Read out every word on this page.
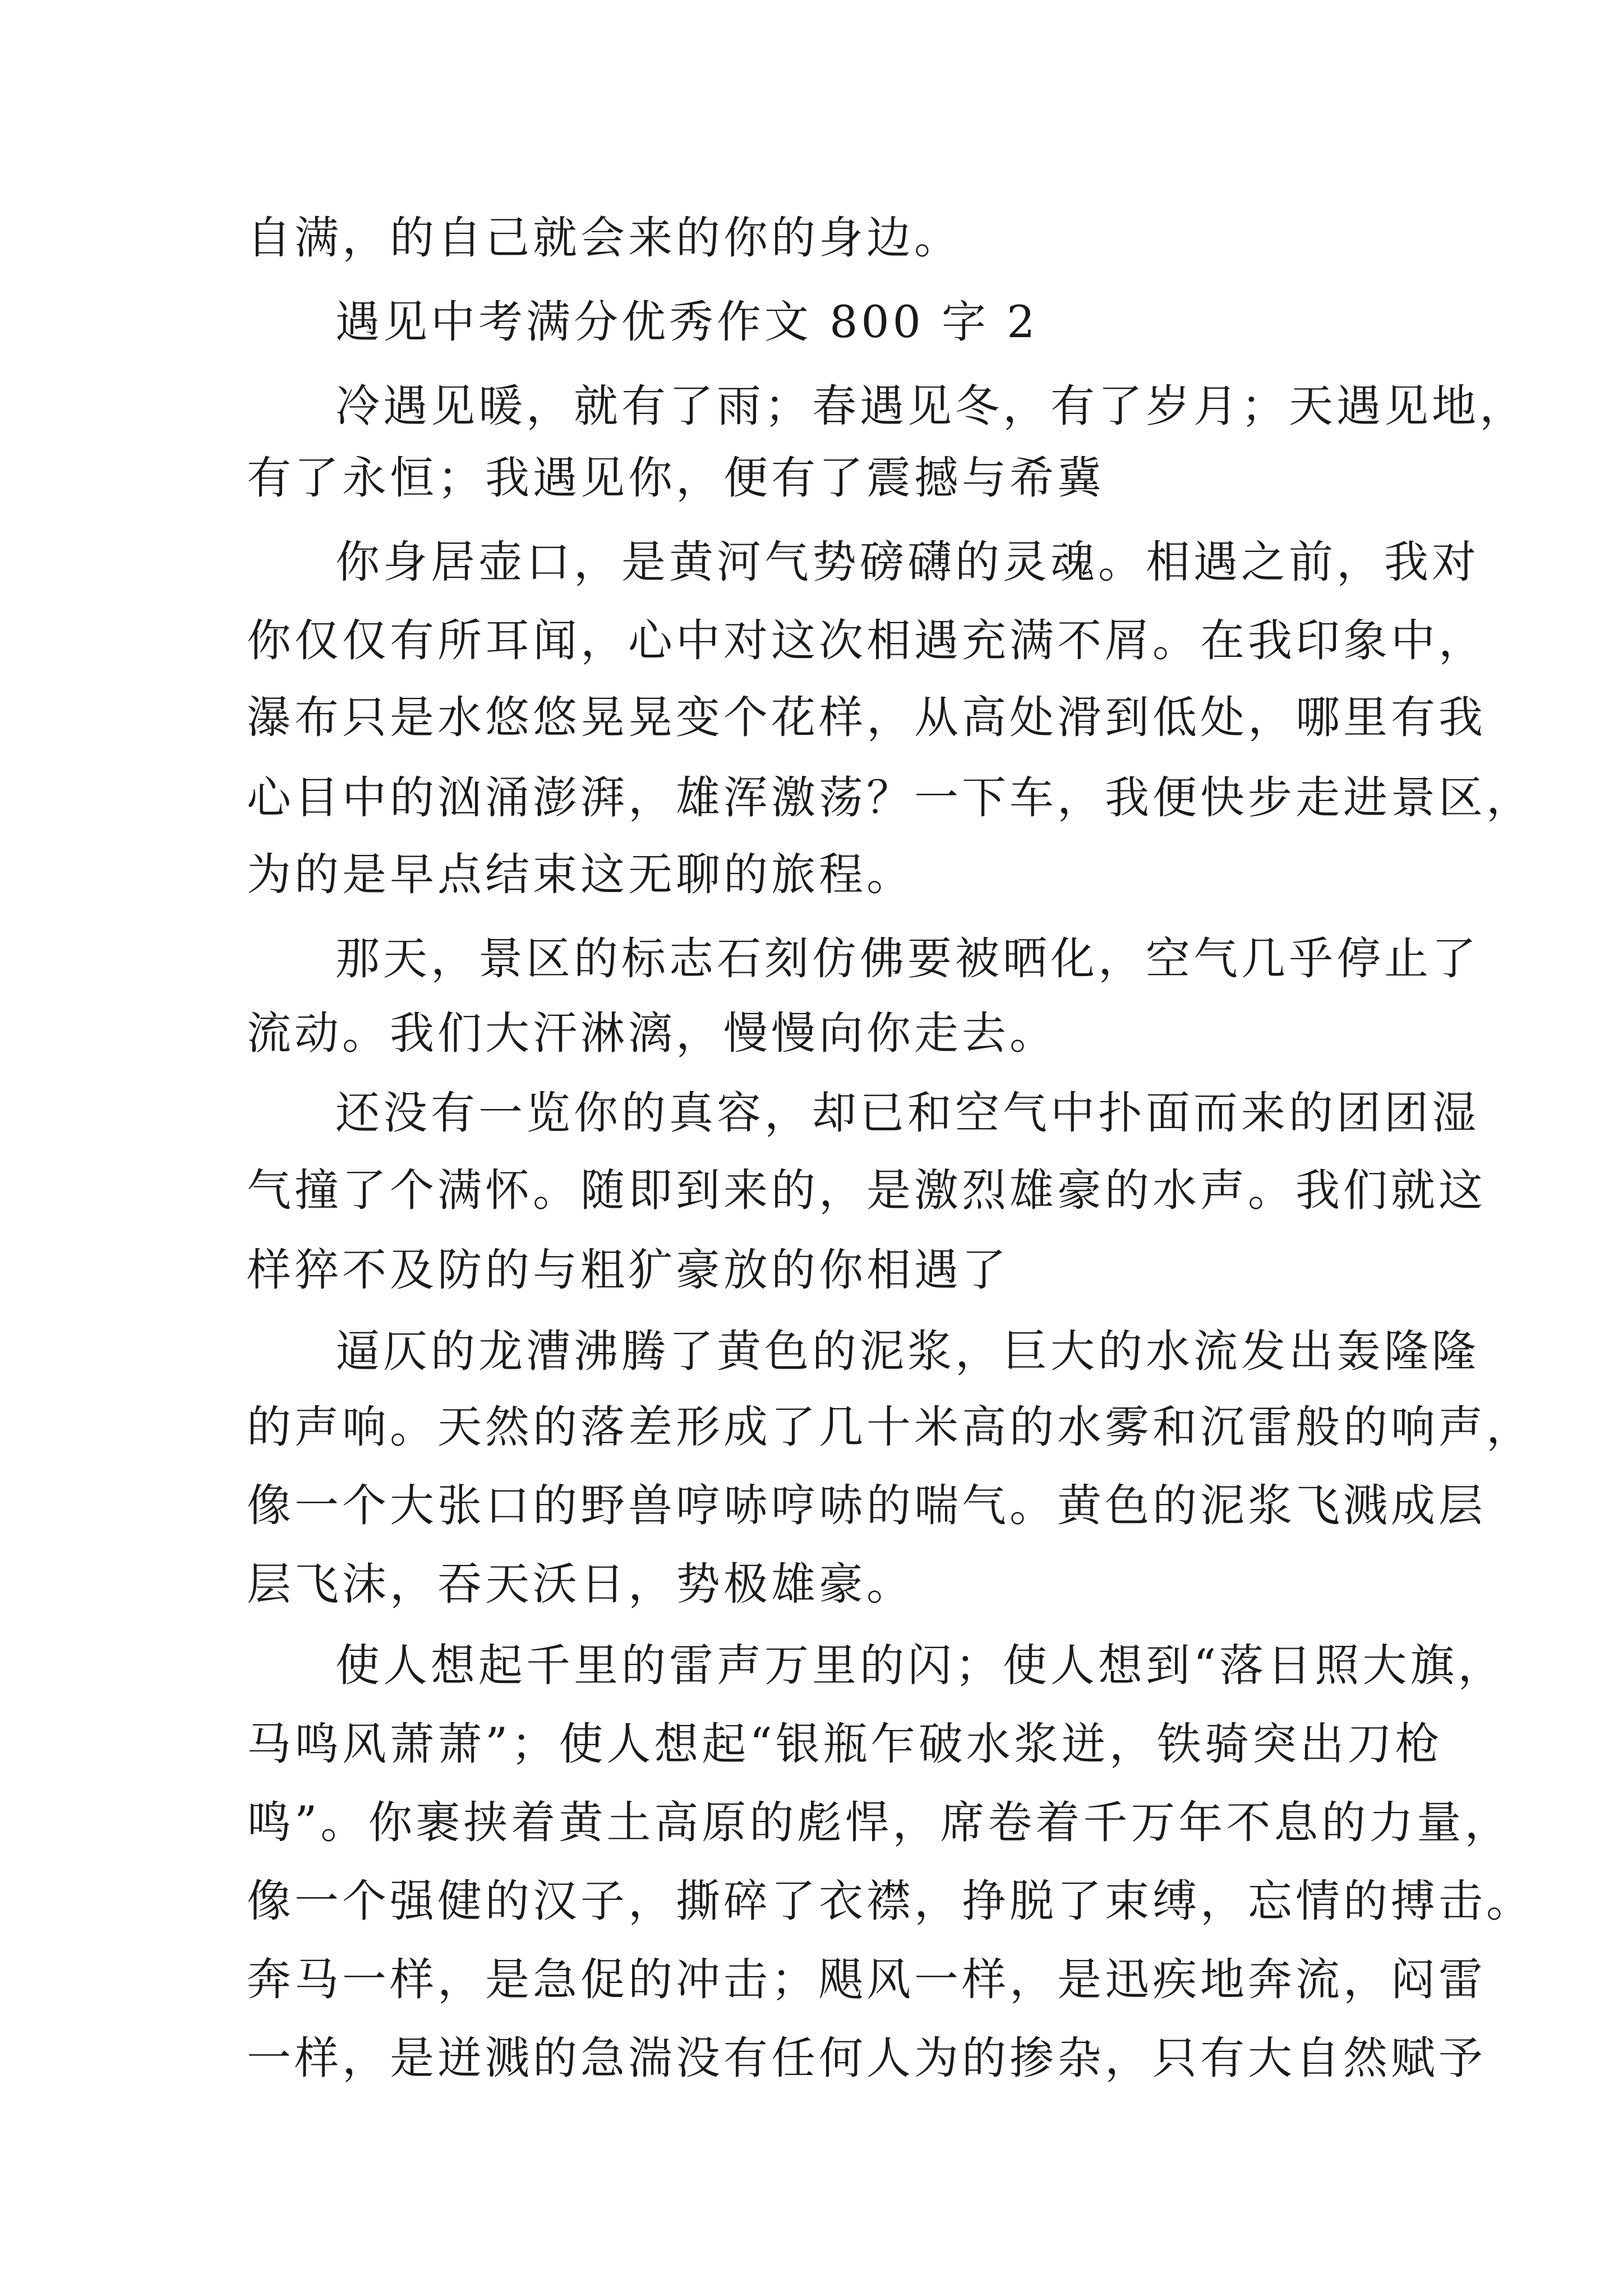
自满，的自己就会来的你的身边。
遇见中考满分优秀作文 800 字 2
冷遇见暖，就有了雨；春遇见冬，有了岁月；天遇见地，
有了永恒；我遇见你，便有了震撼与希冀
你身居壶口，是黄河气势磅礴的灵魂。相遇之前，我对
你仅仅有所耳闻，心中对这次相遇充满不屑。在我印象中，
瀑布只是水悠悠晃晃变个花样，从高处滑到低处，哪里有我
心目中的汹涌澎湃，雄浑激荡？一下车，我便快步走进景区，
为的是早点结束这无聊的旅程。
那天，景区的标志石刻仿佛要被晒化，空气几乎停止了
流动。我们大汗淋漓，慢慢向你走去。
还没有一览你的真容，却已和空气中扑面而来的团团湿
气撞了个满怀。随即到来的，是激烈雄豪的水声。我们就这
样猝不及防的与粗犷豪放的你相遇了
逼仄的龙漕沸腾了黄色的泥浆，巨大的水流发出轰隆隆
的声响。天然的落差形成了几十米高的水雾和沉雷般的响声，
像一个大张口的野兽哼哧哼哧的喘气。黄色的泥浆飞溅成层
层飞沫，吞天沃日，势极雄豪。
使人想起千里的雷声万里的闪；使人想到“落日照大旗，
马鸣风萧萧”；使人想起“银瓶乍破水浆迸，铁骑突出刀枪
鸣”。你裹挟着黄土高原的彪悍，席卷着千万年不息的力量，
像一个强健的汉子，撕碎了衣襟，挣脱了束缚，忘情的搏击。
奔马一样，是急促的冲击；飓风一样，是迅疾地奔流，闷雷
一样，是迸溅的急湍没有任何人为的掺杂，只有大自然赋予
